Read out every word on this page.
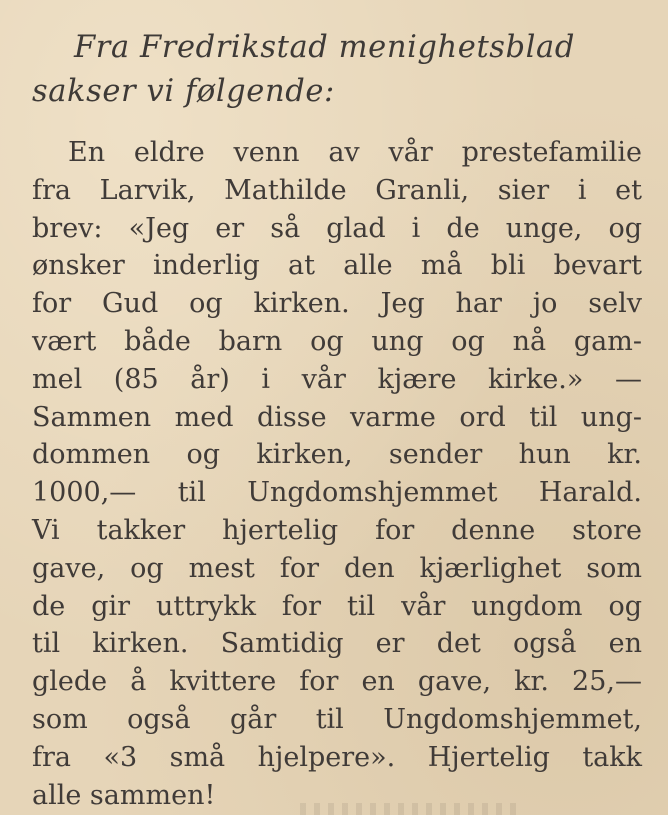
Fra Fredrikstad menighetsblad
sakser vi følgende:
En eldre venn av vår prestefamilie
fra Larvik, Mathilde Granli, sier i et
brev: «Jeg er så glad i de unge, og
ønsker inderlig at alle må bli bevart
for Gud og kirken. Jeg har jo selv
vært både barn og ung og nå gam-
mel (85 år) i vår kjære kirke.» —
Sammen med disse varme ord til ung-
dommen og kirken, sender hun kr.
1000,— til Ungdomshjemmet Harald.
Vi takker hjertelig for denne store
gave, og mest for den kjærlighet som
de gir uttrykk for til vår ungdom og
til kirken. Samtidig er det også en
glede å kvittere for en gave, kr. 25,—
som også går til Ungdomshjemmet,
fra «3 små hjelpere». Hjertelig takk
alle sammen!
